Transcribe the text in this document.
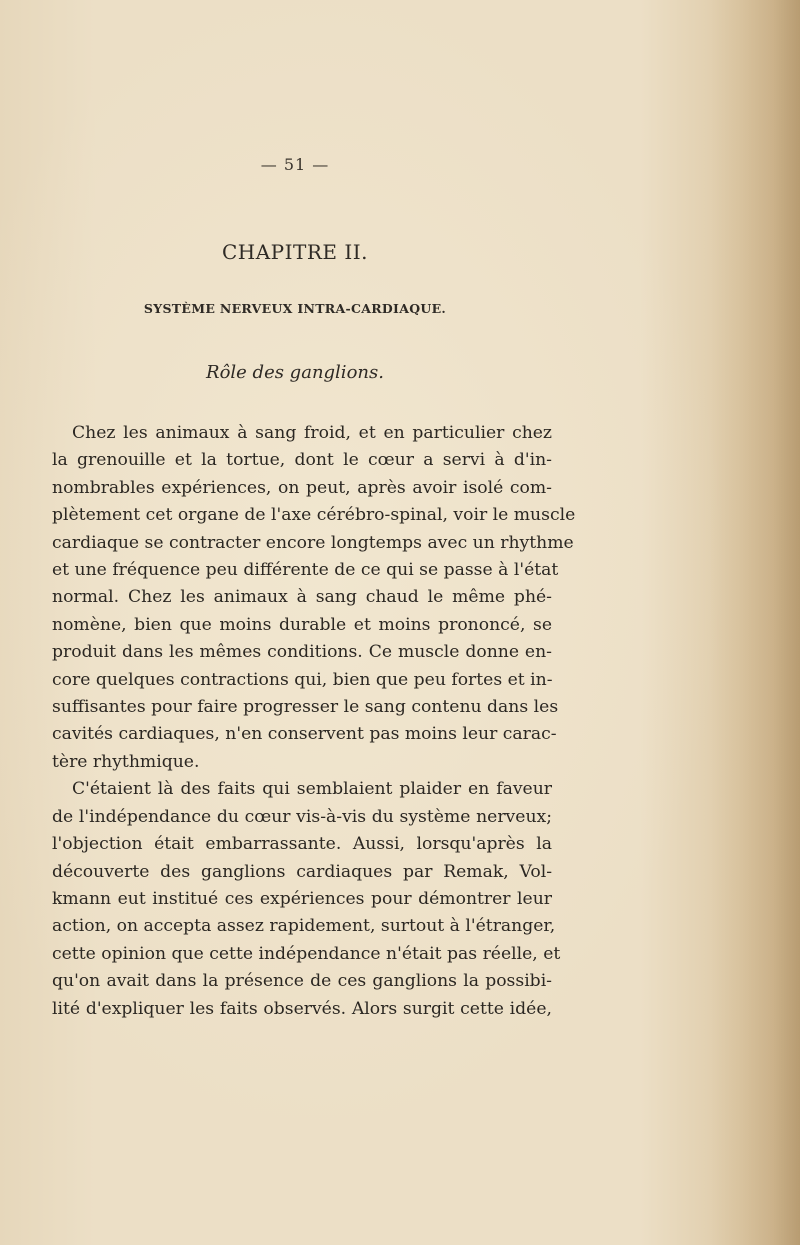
— 51 —
CHAPITRE II.
SYSTÈME NERVEUX INTRA-CARDIAQUE.
Rôle des ganglions.

Chez les animaux à sang froid, et en particulier chez
la grenouille et la tortue, dont le cœur a servi à d'in-
nombrables expériences, on peut, après avoir isolé com-
plètement cet organe de l'axe cérébro-spinal, voir le muscle
cardiaque se contracter encore longtemps avec un rhythme
et une fréquence peu différente de ce qui se passe à l'état
normal. Chez les animaux à sang chaud le même phé-
nomène, bien que moins durable et moins prononcé, se
produit dans les mêmes conditions. Ce muscle donne en-
core quelques contractions qui, bien que peu fortes et in-
suffisantes pour faire progresser le sang contenu dans les
cavités cardiaques, n'en conservent pas moins leur carac-
tère rhythmique.

C'étaient là des faits qui semblaient plaider en faveur
de l'indépendance du cœur vis-à-vis du système nerveux;
l'objection était embarrassante. Aussi, lorsqu'après la
découverte des ganglions cardiaques par Remak, Vol-
kmann eut institué ces expériences pour démontrer leur
action, on accepta assez rapidement, surtout à l'étranger,
cette opinion que cette indépendance n'était pas réelle, et
qu'on avait dans la présence de ces ganglions la possibi-
lité d'expliquer les faits observés. Alors surgit cette idée,
